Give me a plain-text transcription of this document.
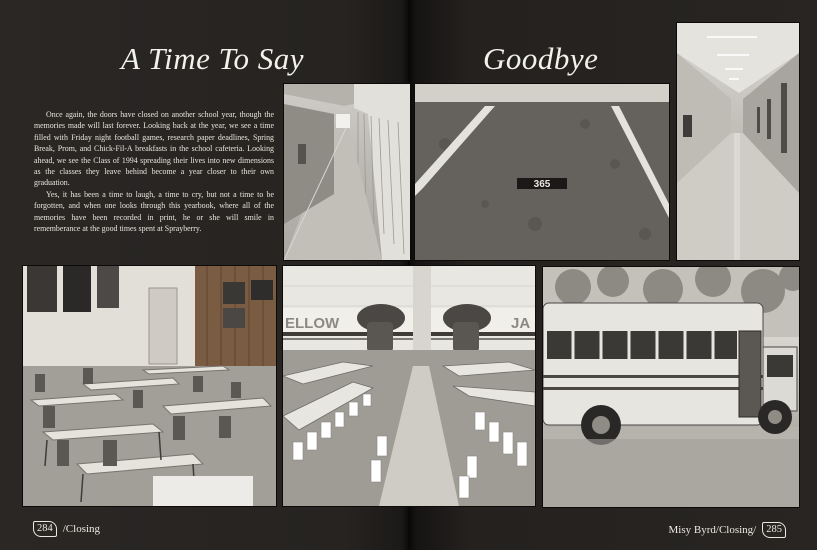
A Time To Say	Goodbye

Once again, the doors have closed on another school year, though the memories made will last forever. Looking back at the year, we see a time filled with Friday night football games, research paper deadlines, Spring Break, Prom, and Chick-Fil-A breakfasts in the school cafeteria. Looking ahead, we see the Class of 1994 spreading their lives into new dimensions as the classes they leave behind become a year closer to their own graduation.

Yes, it has been a time to laugh, a time to cry, but not a time to be forgotten, and when one looks through this yearbook, where all of the memories have been recorded in print, he or she will smile in rememberance at the good times spent at Sprayberry.

365
ELLOW	JA
284 /Closing	Misy Byrd/Closing/ 285
